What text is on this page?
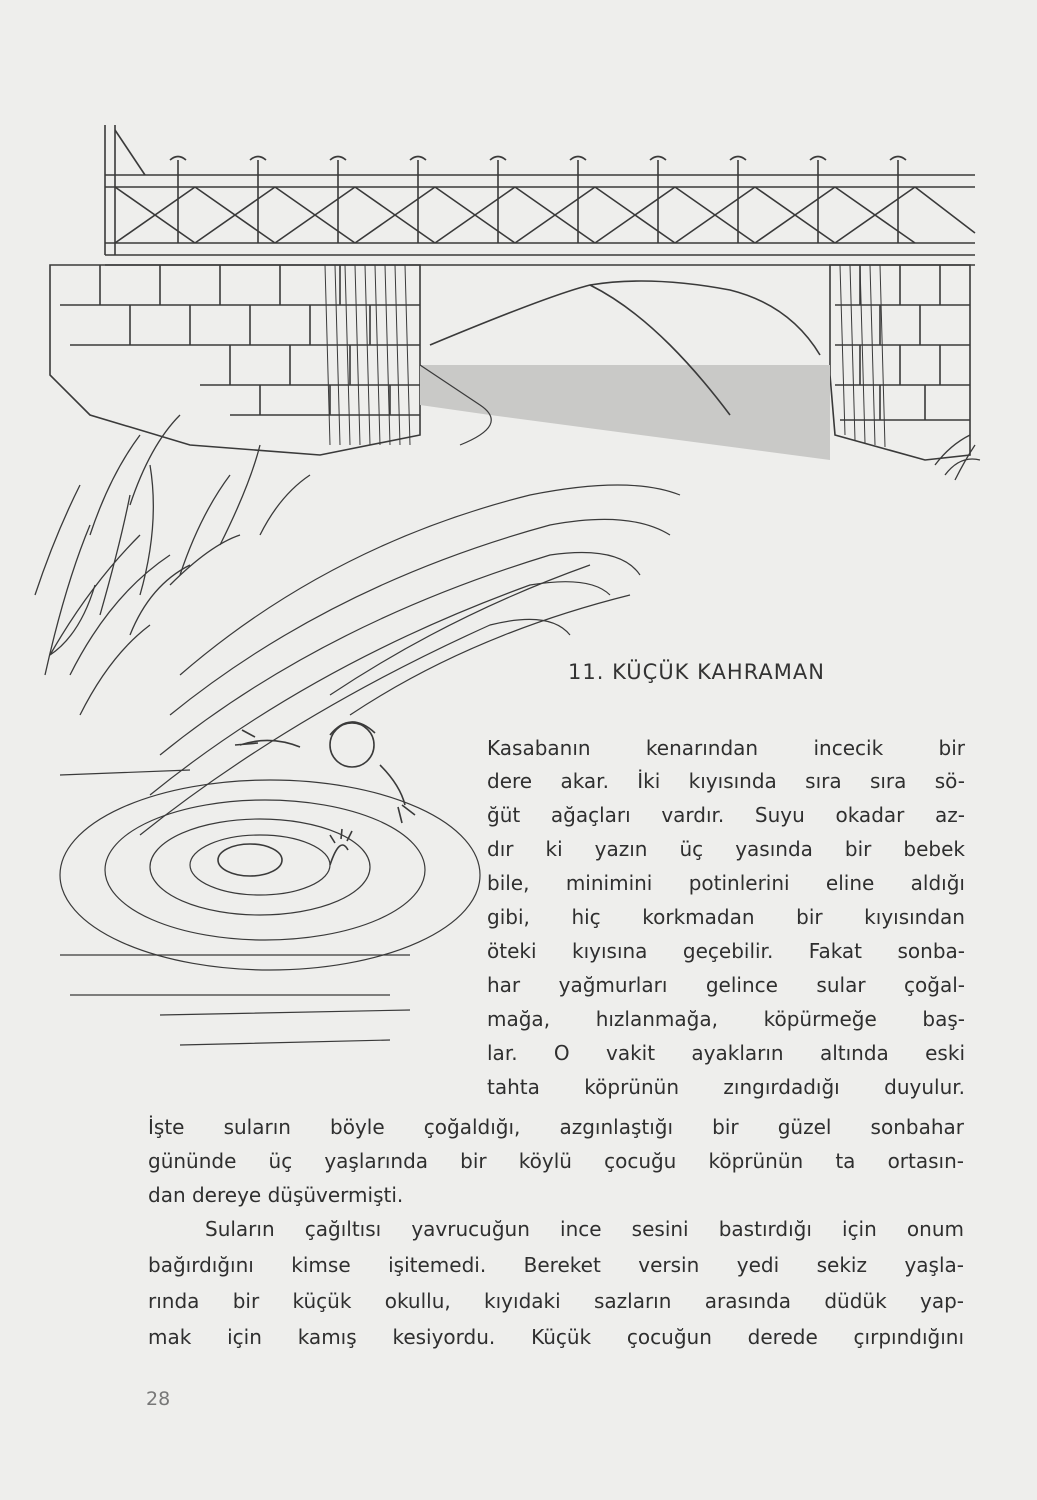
11. KÜÇÜK KAHRAMAN
Kasabanın kenarından incecik bir
dere akar. İki kıyısında sıra sıra sö-
ğüt ağaçları vardır. Suyu okadar az-
dır ki yazın üç yasında bir bebek
bile, minimini potinlerini eline aldığı
gibi, hiç korkmadan bir kıyısından
öteki kıyısına geçebilir. Fakat sonba-
har yağmurları gelince sular çoğal-
mağa, hızlanmağa, köpürmeğe baş-
lar. O vakit ayakların altında eski
tahta köprünün zıngırdadığı duyulur.
İşte suların böyle çoğaldığı, azgınlaştığı bir güzel sonbahar
gününde üç yaşlarında bir köylü çocuğu köprünün ta ortasın-
dan dereye düşüvermişti.
Suların çağıltısı yavrucuğun ince sesini bastırdığı için onum
bağırdığını kimse işitemedi. Bereket versin yedi sekiz yaşla-
rında bir küçük okullu, kıyıdaki sazların arasında düdük yap-
mak için kamış kesiyordu. Küçük çocuğun derede çırpındığını
28
